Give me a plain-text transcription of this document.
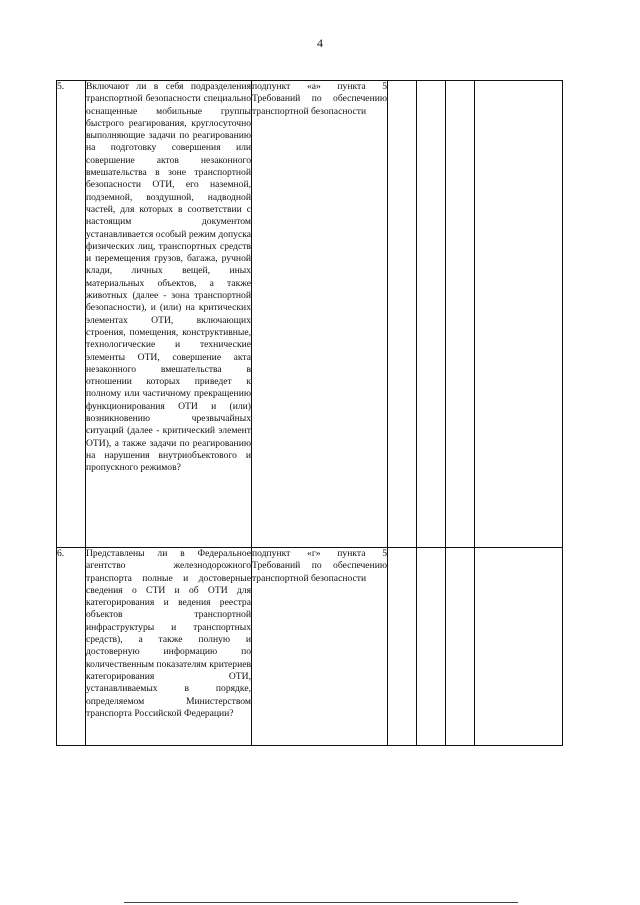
4
5.	Включают ли в себя подразделения транспортной безопасности специально оснащенные мобильные группы быстрого реагирования, круглосуточно выполняющие задачи по реагированию на подготовку совершения или совершение актов незаконного вмешательства в зоне транспортной безопасности ОТИ, его наземной, подземной, воздушной, надводной частей, для которых в соответствии с настоящим документом устанавливается особый режим допуска физических лиц, транспортных средств и перемещения грузов, багажа, ручной клади, личных вещей, иных материальных объектов, а также животных (далее - зона транспортной безопасности), и (или) на критических элементах ОТИ, включающих строения, помещения, конструктивные, технологические и технические элементы ОТИ, совершение акта незаконного вмешательства в отношении которых приведет к полному или частичному прекращению функционирования ОТИ и (или) возникновению чрезвычайных ситуаций (далее - критический элемент ОТИ), а также задачи по реагированию на нарушения внутриобъектового и пропускного режимов?	подпункт «а» пункта 5 Требований по обеспечению транспортной безопасности				
6.	Представлены ли в Федеральное агентство железнодорожного транспорта полные и достоверные сведения о СТИ и об ОТИ для категорирования и ведения реестра объектов транспортной инфраструктуры и транспортных средств), а также полную и достоверную информацию по количественным показателям критериев категорирования ОТИ, устанавливаемых в порядке, определяемом Министерством транспорта Российской Федерации?	подпункт «г» пункта 5 Требований по обеспечению транспортной безопасности				
